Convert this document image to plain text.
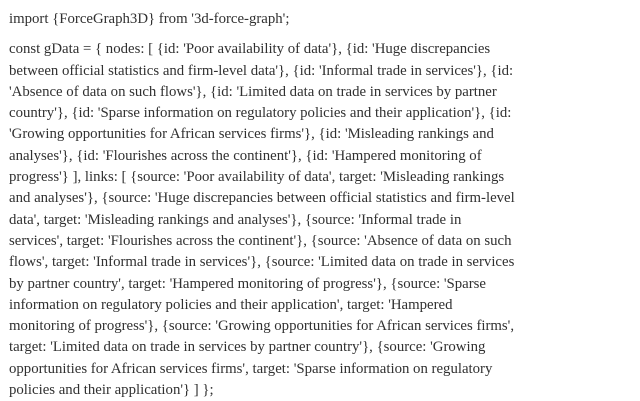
import {ForceGraph3D} from '3d-force-graph';

const gData = { nodes: [ {id: 'Poor availability of data'}, {id: 'Huge discrepancies
between official statistics and firm-level data'}, {id: 'Informal trade in services'}, {id:
'Absence of data on such flows'}, {id: 'Limited data on trade in services by partner
country'}, {id: 'Sparse information on regulatory policies and their application'}, {id:
'Growing opportunities for African services firms'}, {id: 'Misleading rankings and
analyses'}, {id: 'Flourishes across the continent'}, {id: 'Hampered monitoring of
progress'} ], links: [ {source: 'Poor availability of data', target: 'Misleading rankings
and analyses'}, {source: 'Huge discrepancies between official statistics and firm-level
data', target: 'Misleading rankings and analyses'}, {source: 'Informal trade in
services', target: 'Flourishes across the continent'}, {source: 'Absence of data on such
flows', target: 'Informal trade in services'}, {source: 'Limited data on trade in services
by partner country', target: 'Hampered monitoring of progress'}, {source: 'Sparse
information on regulatory policies and their application', target: 'Hampered
monitoring of progress'}, {source: 'Growing opportunities for African services firms',
target: 'Limited data on trade in services by partner country'}, {source: 'Growing
opportunities for African services firms', target: 'Sparse information on regulatory
policies and their application'} ] };
